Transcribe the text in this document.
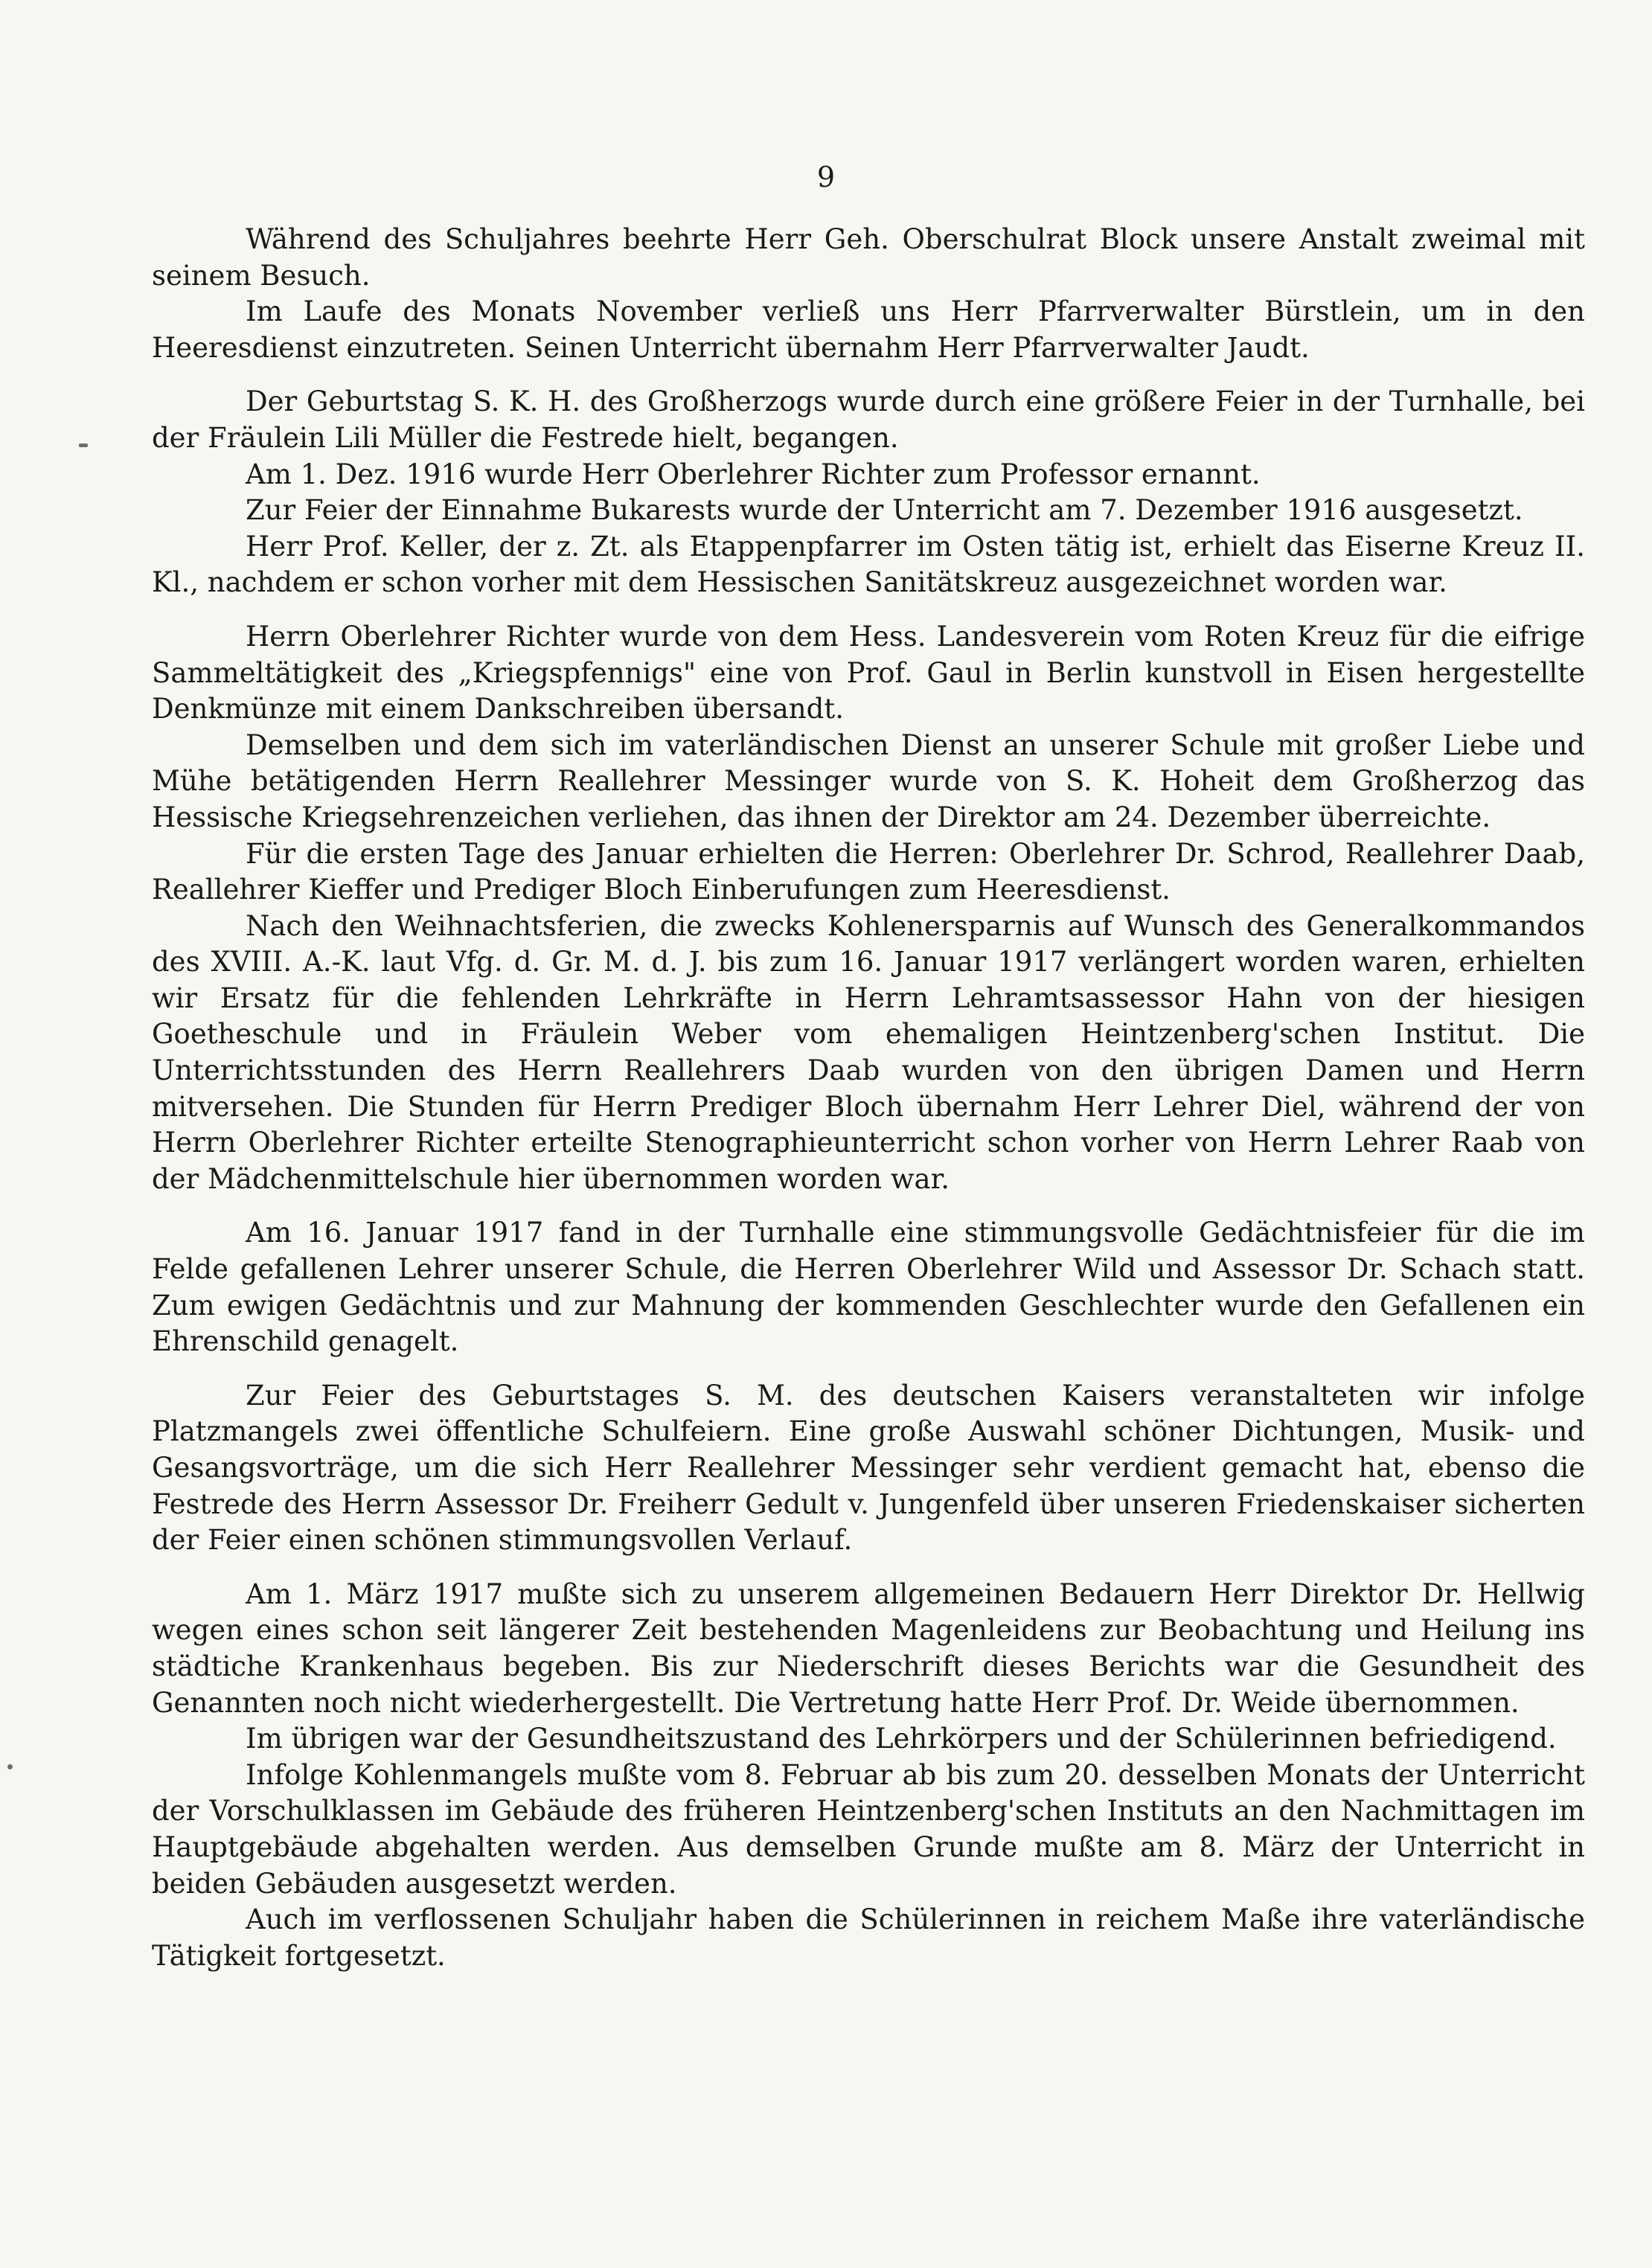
9

Während des Schuljahres beehrte Herr Geh. Oberschulrat Block unsere Anstalt zweimal mit seinem Besuch.

Im Laufe des Monats November verließ uns Herr Pfarrverwalter Bürstlein, um in den Heeresdienst einzutreten. Seinen Unterricht übernahm Herr Pfarrverwalter Jaudt.

Der Geburtstag S. K. H. des Großherzogs wurde durch eine größere Feier in der Turnhalle, bei der Fräulein Lili Müller die Festrede hielt, begangen.

Am 1. Dez. 1916 wurde Herr Oberlehrer Richter zum Professor ernannt.

Zur Feier der Einnahme Bukarests wurde der Unterricht am 7. Dezember 1916 ausgesetzt.

Herr Prof. Keller, der z. Zt. als Etappenpfarrer im Osten tätig ist, erhielt das Eiserne Kreuz II. Kl., nachdem er schon vorher mit dem Hessischen Sanitätskreuz ausgezeichnet worden war.

Herrn Oberlehrer Richter wurde von dem Hess. Landesverein vom Roten Kreuz für die eifrige Sammeltätigkeit des „Kriegspfennigs" eine von Prof. Gaul in Berlin kunstvoll in Eisen hergestellte Denkmünze mit einem Dankschreiben übersandt.

Demselben und dem sich im vaterländischen Dienst an unserer Schule mit großer Liebe und Mühe betätigenden Herrn Reallehrer Messinger wurde von S. K. Hoheit dem Großherzog das Hessische Kriegsehrenzeichen verliehen, das ihnen der Direktor am 24. Dezember überreichte.

Für die ersten Tage des Januar erhielten die Herren: Oberlehrer Dr. Schrod, Reallehrer Daab, Reallehrer Kieffer und Prediger Bloch Einberufungen zum Heeresdienst.

Nach den Weihnachtsferien, die zwecks Kohlenersparnis auf Wunsch des Generalkommandos des XVIII. A.-K. laut Vfg. d. Gr. M. d. J. bis zum 16. Januar 1917 verlängert worden waren, erhielten wir Ersatz für die fehlenden Lehrkräfte in Herrn Lehramtsassessor Hahn von der hiesigen Goetheschule und in Fräulein Weber vom ehemaligen Heintzenberg'schen Institut. Die Unterrichtsstunden des Herrn Reallehrers Daab wurden von den übrigen Damen und Herrn mitversehen. Die Stunden für Herrn Prediger Bloch übernahm Herr Lehrer Diel, während der von Herrn Oberlehrer Richter erteilte Stenographieunterricht schon vorher von Herrn Lehrer Raab von der Mädchenmittelschule hier übernommen worden war.

Am 16. Januar 1917 fand in der Turnhalle eine stimmungsvolle Gedächtnisfeier für die im Felde gefallenen Lehrer unserer Schule, die Herren Oberlehrer Wild und Assessor Dr. Schach statt. Zum ewigen Gedächtnis und zur Mahnung der kommenden Geschlechter wurde den Gefallenen ein Ehrenschild genagelt.

Zur Feier des Geburtstages S. M. des deutschen Kaisers veranstalteten wir infolge Platzmangels zwei öffentliche Schulfeiern. Eine große Auswahl schöner Dichtungen, Musik- und Gesangsvorträge, um die sich Herr Reallehrer Messinger sehr verdient gemacht hat, ebenso die Festrede des Herrn Assessor Dr. Freiherr Gedult v. Jungenfeld über unseren Friedenskaiser sicherten der Feier einen schönen stimmungsvollen Verlauf.

Am 1. März 1917 mußte sich zu unserem allgemeinen Bedauern Herr Direktor Dr. Hellwig wegen eines schon seit längerer Zeit bestehenden Magenleidens zur Beobachtung und Heilung ins städtiche Krankenhaus begeben. Bis zur Niederschrift dieses Berichts war die Gesundheit des Genannten noch nicht wiederhergestellt. Die Vertretung hatte Herr Prof. Dr. Weide übernommen.

Im übrigen war der Gesundheitszustand des Lehrkörpers und der Schülerinnen befriedigend.

Infolge Kohlenmangels mußte vom 8. Februar ab bis zum 20. desselben Monats der Unterricht der Vorschulklassen im Gebäude des früheren Heintzenberg'schen Instituts an den Nachmittagen im Hauptgebäude abgehalten werden. Aus demselben Grunde mußte am 8. März der Unterricht in beiden Gebäuden ausgesetzt werden.

Auch im verflossenen Schuljahr haben die Schülerinnen in reichem Maße ihre vaterländische Tätigkeit fortgesetzt.
